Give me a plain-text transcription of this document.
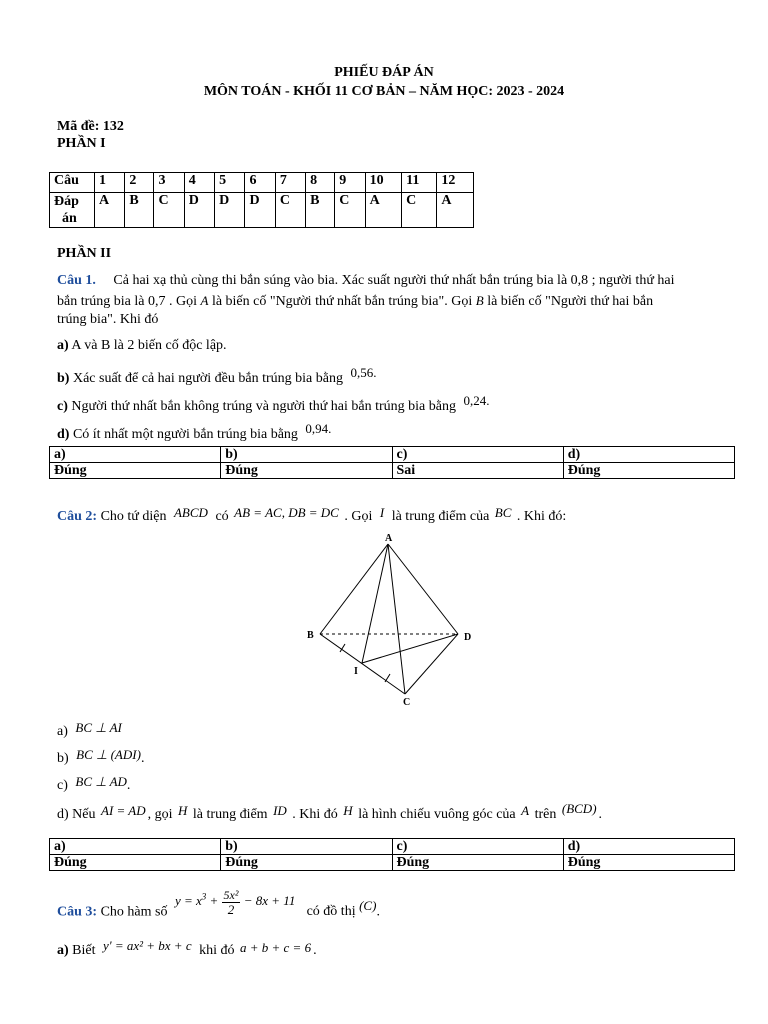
PHIẾU ĐÁP ÁN
MÔN TOÁN - KHỐI 11 CƠ BẢN – NĂM HỌC: 2023 - 2024
Mã đề: 132
PHẦN I
Câu	1	2	3	4	5	6	7	8	9	10	11	12
Đáp
án	A	B	C	D	D	D	C	B	C	A	C	A
PHẦN II
Câu 1. Cả hai xạ thủ cùng thi bắn súng vào bia. Xác suất người thứ nhất bắn trúng bia là 0,8 ; người thứ hai
bắn trúng bia là 0,7 . Gọi A là biến cố "Người thứ nhất bắn trúng bia". Gọi B là biến cố "Người thứ hai bắn
trúng bia". Khi đó
a) A và B là 2 biến cố độc lập.
b) Xác suất để cả hai người đều bắn trúng bia bằng 0,56.
c) Người thứ nhất bắn không trúng và người thứ hai bắn trúng bia bằng 0,24.
d) Có ít nhất một người bắn trúng bia bằng 0,94.
a)	b)	c)	d)
Đúng	Đúng	Sai	Đúng
Câu 2: Cho tứ diện ABCD có AB = AC, DB = DC . Gọi I là trung điểm của BC . Khi đó:
A
B	D
C
I
a) BC ⊥ AI
b) BC ⊥ (ADI).
c) BC ⊥ AD.
d) Nếu AI = AD , gọi H là trung điểm ID . Khi đó H là hình chiếu vuông góc của A trên (BCD) .
a)	b)	c)	d)
Đúng	Đúng	Đúng	Đúng
Câu 3: Cho hàm số $y = x^3 + \frac{\text{5x²}}{2} - 8x + 11$ có đồ thị (C).
a) Biết y' = ax² + bx + c khi đó a + b + c = 6 .
